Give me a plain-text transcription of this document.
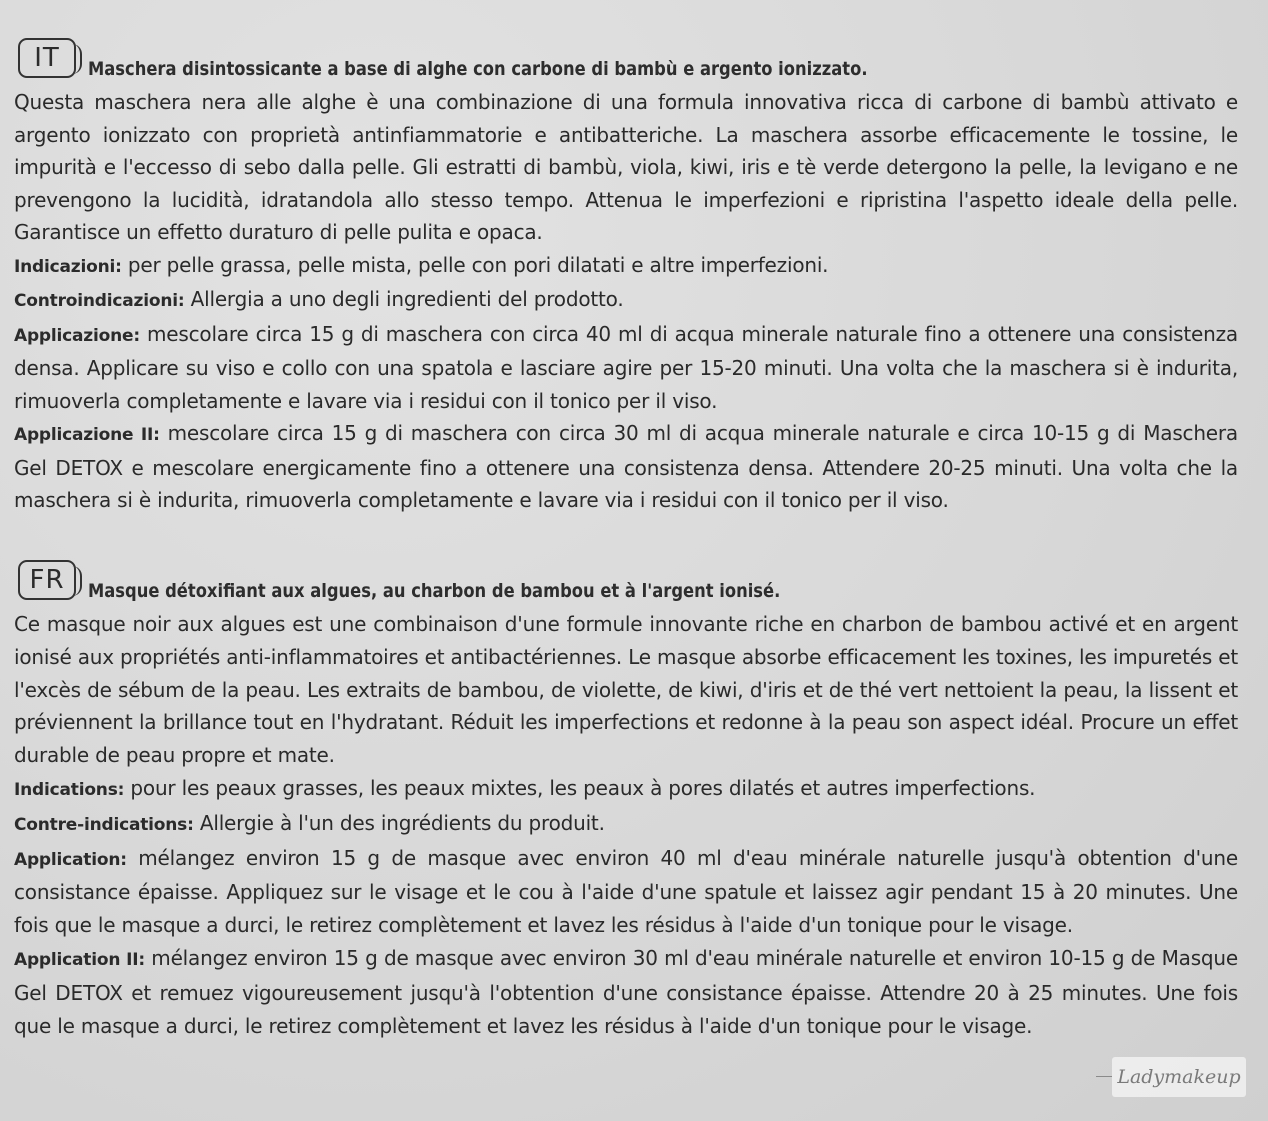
IT	Maschera disintossicante a base di alghe con carbone di bambù e argento ionizzato.

Questa maschera nera alle alghe è una combinazione di una formula innovativa ricca di carbone di bambù attivato e argento ionizzato con proprietà antinfiammatorie e antibatteriche. La maschera assorbe efficacemente le tossine, le impurità e l'eccesso di sebo dalla pelle. Gli estratti di bambù, viola, kiwi, iris e tè verde detergono la pelle, la levigano e ne prevengono la lucidità, idratandola allo stesso tempo. Attenua le imperfezioni e ripristina l'aspetto ideale della pelle. Garantisce un effetto duraturo di pelle pulita e opaca.

Indicazioni: per pelle grassa, pelle mista, pelle con pori dilatati e altre imperfezioni.

Controindicazioni: Allergia a uno degli ingredienti del prodotto.

Applicazione: mescolare circa 15 g di maschera con circa 40 ml di acqua minerale naturale fino a ottenere una consistenza densa. Applicare su viso e collo con una spatola e lasciare agire per 15-20 minuti. Una volta che la maschera si è indurita, rimuoverla completamente e lavare via i residui con il tonico per il viso.

Applicazione II: mescolare circa 15 g di maschera con circa 30 ml di acqua minerale naturale e circa 10-15 g di Maschera Gel DETOX e mescolare energicamente fino a ottenere una consistenza densa. Attendere 20-25 minuti. Una volta che la maschera si è indurita, rimuoverla completamente e lavare via i residui con il tonico per il viso.

FR	Masque détoxifiant aux algues, au charbon de bambou et à l'argent ionisé.

Ce masque noir aux algues est une combinaison d'une formule innovante riche en charbon de bambou activé et en argent ionisé aux propriétés anti-inflammatoires et antibactériennes. Le masque absorbe efficacement les toxines, les impuretés et l'excès de sébum de la peau. Les extraits de bambou, de violette, de kiwi, d'iris et de thé vert nettoient la peau, la lissent et préviennent la brillance tout en l'hydratant. Réduit les imperfections et redonne à la peau son aspect idéal. Procure un effet durable de peau propre et mate.

Indications: pour les peaux grasses, les peaux mixtes, les peaux à pores dilatés et autres imperfections.

Contre-indications: Allergie à l'un des ingrédients du produit.

Application: mélangez environ 15 g de masque avec environ 40 ml d'eau minérale naturelle jusqu'à obtention d'une consistance épaisse. Appliquez sur le visage et le cou à l'aide d'une spatule et laissez agir pendant 15 à 20 minutes. Une fois que le masque a durci, le retirez complètement et lavez les résidus à l'aide d'un tonique pour le visage.

Application II: mélangez environ 15 g de masque avec environ 30 ml d'eau minérale naturelle et environ 10-15 g de Masque Gel DETOX et remuez vigoureusement jusqu'à l'obtention d'une consistance épaisse. Attendre 20 à 25 minutes. Une fois que le masque a durci, le retirez complètement et lavez les résidus à l'aide d'un tonique pour le visage.

Ladymakeup
